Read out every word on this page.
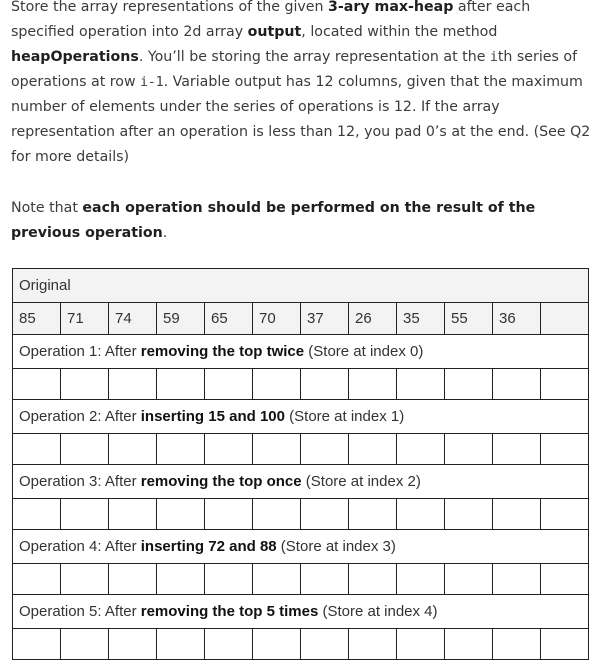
Store the array representations of the given 3-ary max-heap after each specified operation into 2d array output, located within the method heapOperations. You’ll be storing the array representation at the ith series of operations at row i-1. Variable output has 12 columns, given that the maximum number of elements under the series of operations is 12. If the array representation after an operation is less than 12, you pad 0’s at the end. (See Q2 for more details)
Note that each operation should be performed on the result of the previous operation.
Original											
85	71	74	59	65	70	37	26	35	55	36	
Operation 1: After removing the top twice (Store at index 0)											

Operation 2: After inserting 15 and 100 (Store at index 1)											

Operation 3: After removing the top once (Store at index 2)											

Operation 4: After inserting 72 and 88 (Store at index 3)											

Operation 5: After removing the top 5 times (Store at index 4)											
